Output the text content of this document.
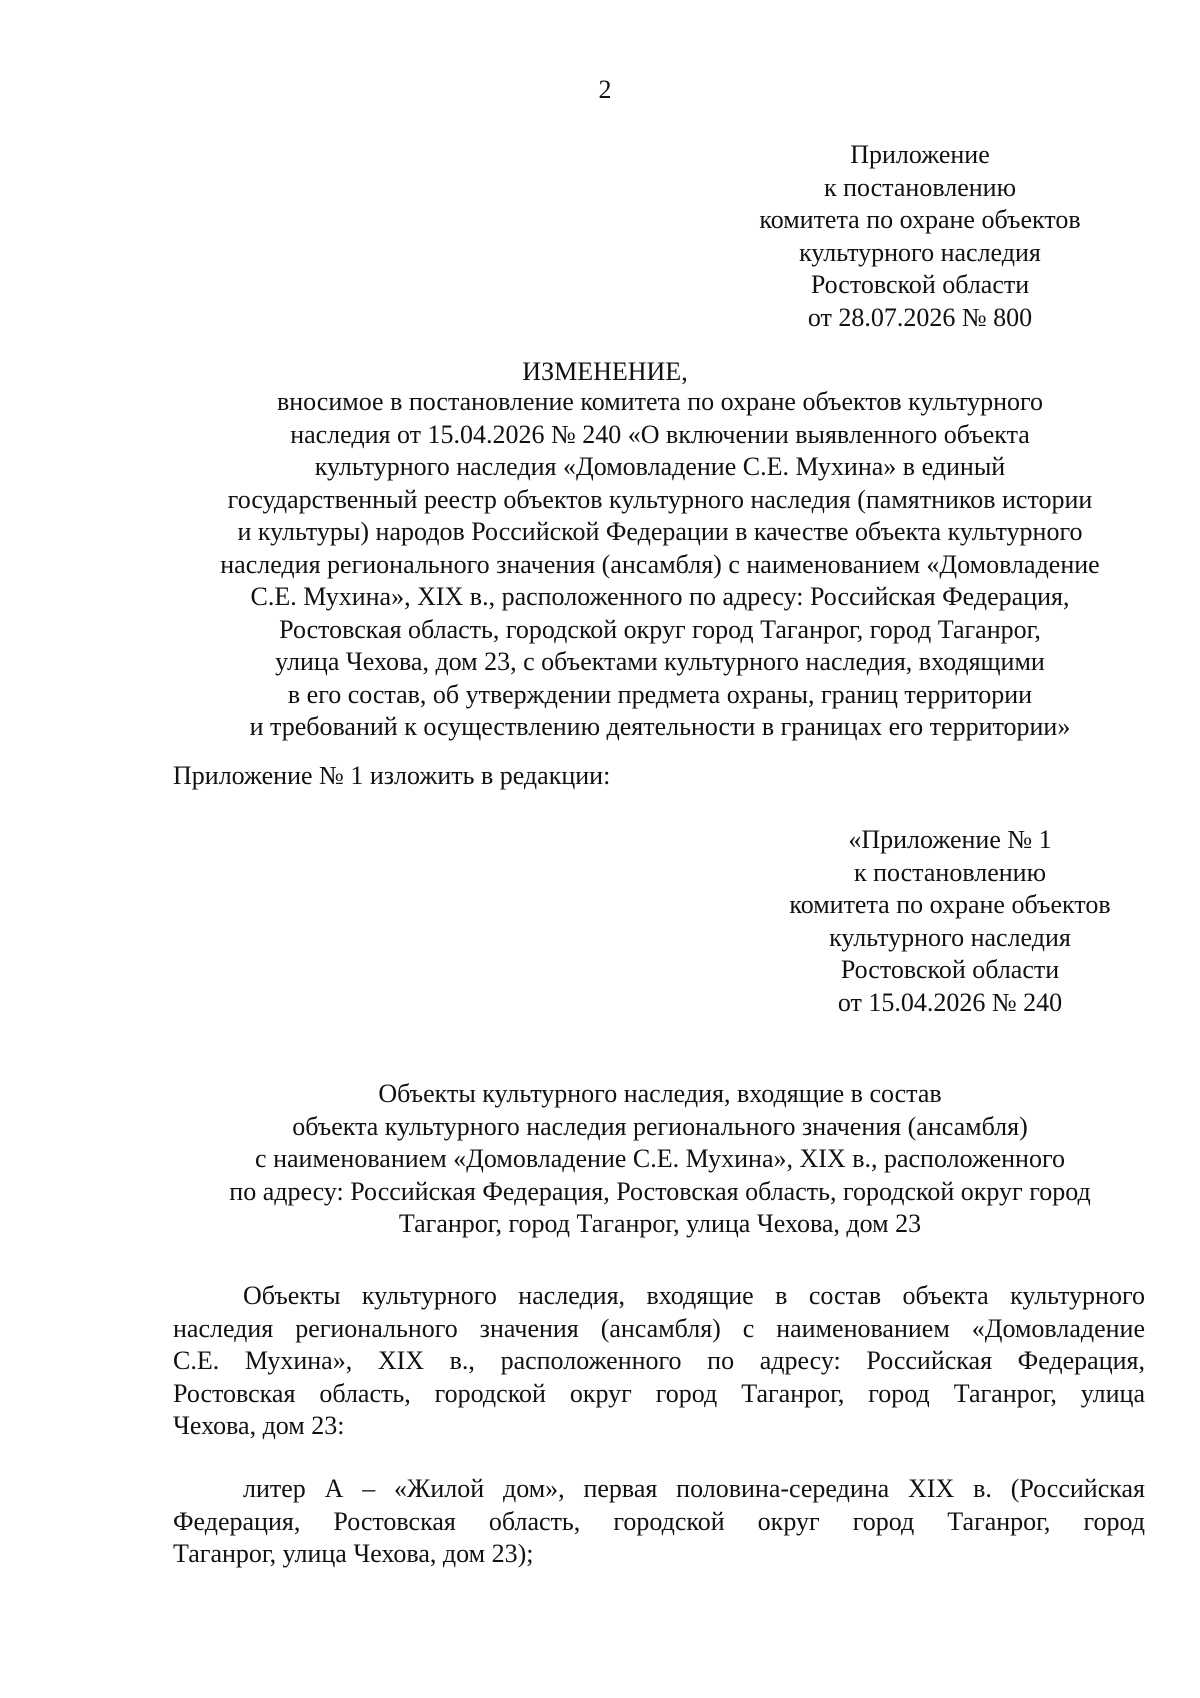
2
Приложение
к постановлению
комитета по охране объектов
культурного наследия
Ростовской области
от 28.07.2026 № 800
ИЗМЕНЕНИЕ,
вносимое в постановление комитета по охране объектов культурного
наследия от 15.04.2026 № 240 «О включении выявленного объекта
культурного наследия «Домовладение С.Е. Мухина» в единый
государственный реестр объектов культурного наследия (памятников истории
и культуры) народов Российской Федерации в качестве объекта культурного
наследия регионального значения (ансамбля) с наименованием «Домовладение
С.Е. Мухина», XIX в., расположенного по адресу: Российская Федерация,
Ростовская область, городской округ город Таганрог, город Таганрог,
улица Чехова, дом 23, с объектами культурного наследия, входящими
в его состав, об утверждении предмета охраны, границ территории
и требований к осуществлению деятельности в границах его территории»
Приложение № 1 изложить в редакции:
«Приложение № 1
к постановлению
комитета по охране объектов
культурного наследия
Ростовской области
от 15.04.2026 № 240
Объекты культурного наследия, входящие в состав
объекта культурного наследия регионального значения (ансамбля)
с наименованием «Домовладение С.Е. Мухина», XIX в., расположенного
по адресу: Российская Федерация, Ростовская область, городской округ город
Таганрог, город Таганрог, улица Чехова, дом 23
Объекты культурного наследия, входящие в состав объекта культурного
наследия регионального значения (ансамбля) с наименованием «Домовладение
С.Е. Мухина», XIX в., расположенного по адресу: Российская Федерация,
Ростовская область, городской округ город Таганрог, город Таганрог, улица
Чехова, дом 23:
литер А – «Жилой дом», первая половина-середина XIX в. (Российская
Федерация, Ростовская область, городской округ город Таганрог, город
Таганрог, улица Чехова, дом 23);
